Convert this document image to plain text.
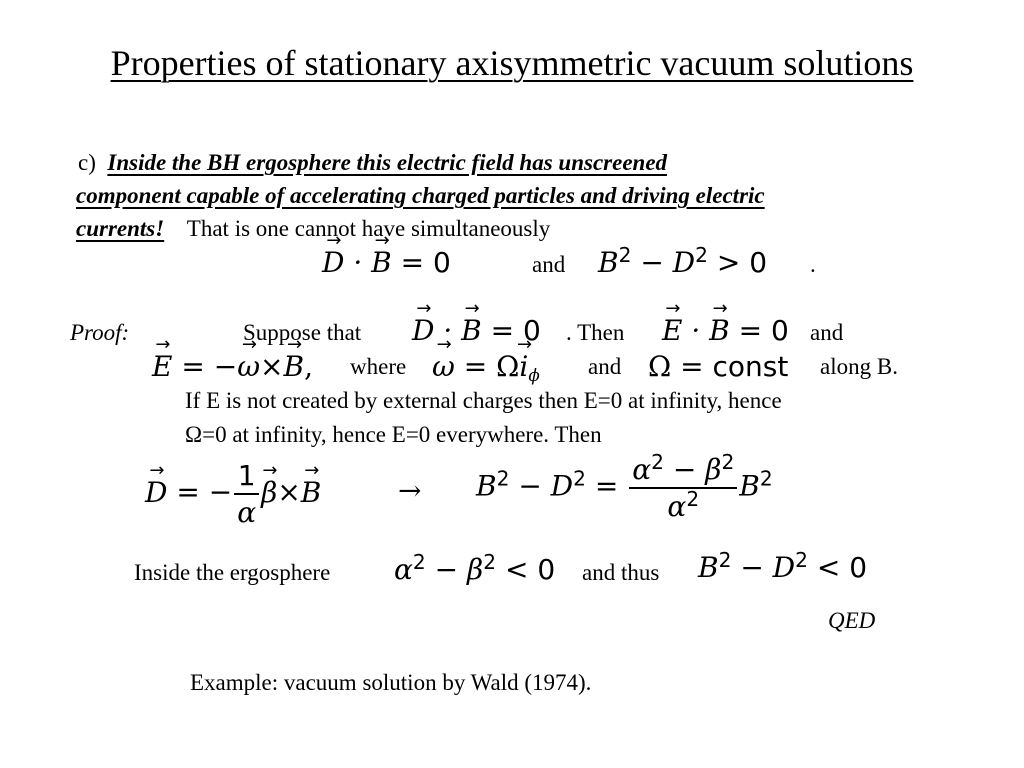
Properties of stationary axisymmetric vacuum solutions
c) Inside the BH ergosphere this electric field has unscreened
component capable of accelerating charged particles and driving electric
currents! That is one cannot have simultaneously
→ D · → B = 0	and $B^2 - D^2 > 0$ .
Proof:	Suppose that → D · → B = 0 . Then → E · → B = 0 and
→ E = −→ ω×→ B, where → $\omega = \Omega\to i_\phi$ and Ω = const along B.
If E is not created by external charges then E=0 at infinity, hence
Ω=0 at infinity, hence E=0 everywhere. Then
→ D = − $\frac{1}{\alpha} \to \beta\times\to B$	→ $B^2 - D^2 = \frac{\alpha^2 - \beta^2}{\alpha^2} B^2$
Inside the ergosphere $\alpha^2 - \beta^2 < 0$ and thus $B^2 - D^2 < 0$
QED
Example: vacuum solution by Wald (1974).
